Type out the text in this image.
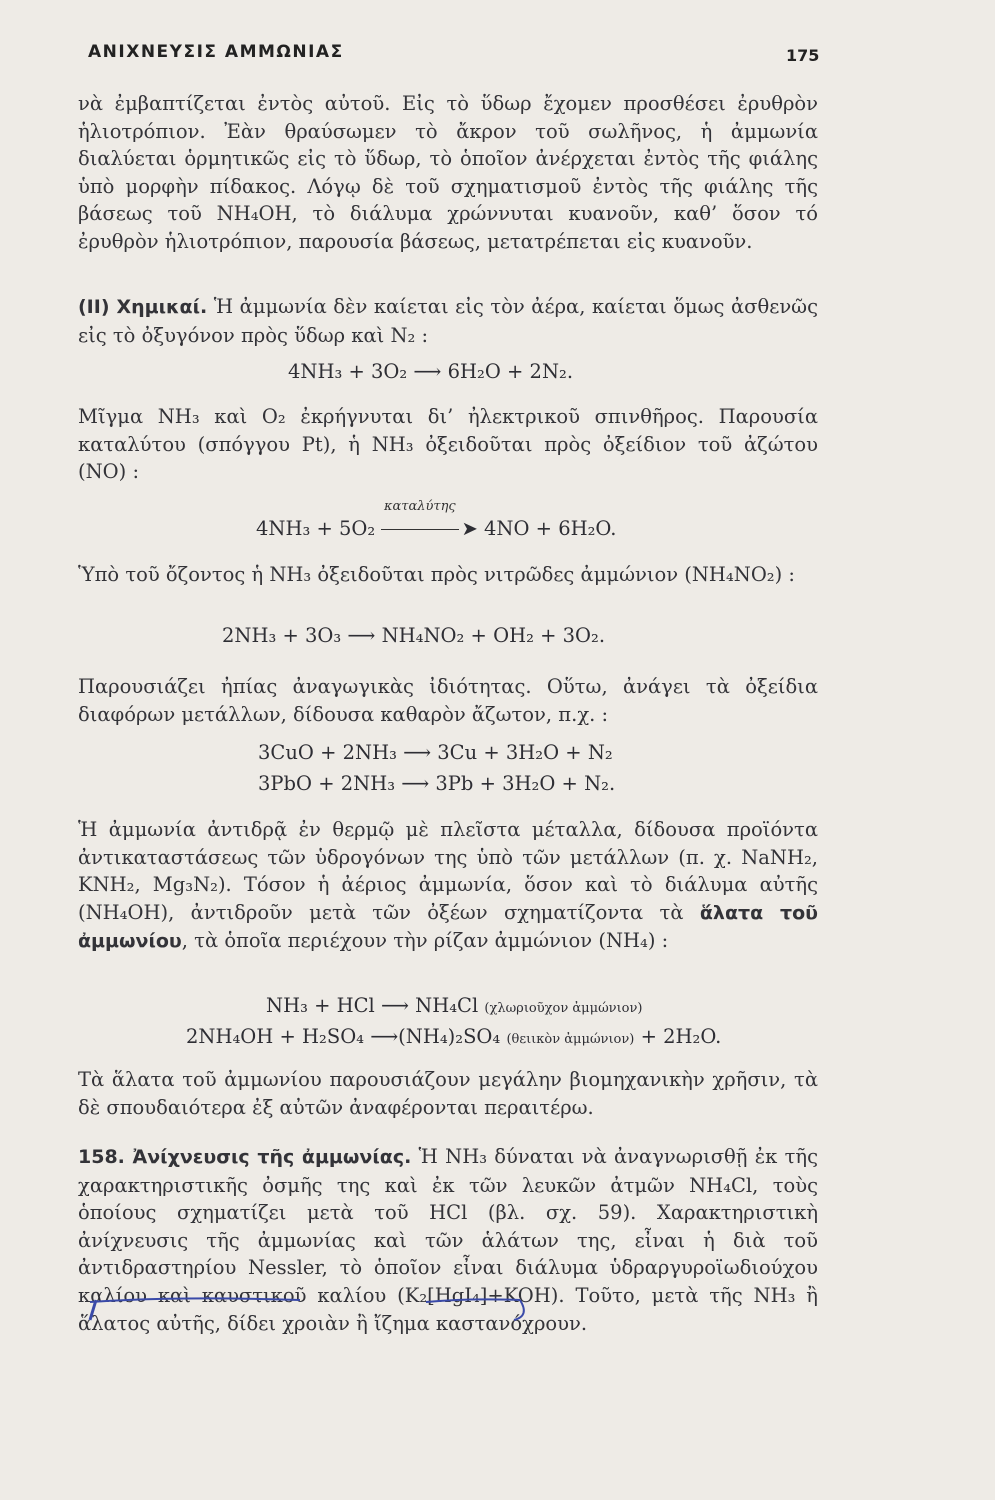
ΑΝΙΧΝΕΥΣΙΣ ΑΜΜΩΝΙΑΣ	175
νὰ ἐμβαπτίζεται ἐντὸς αὐτοῦ. Εἰς τὸ ὕδωρ ἔχομεν προσθέσει ἐρυθρὸν ἡλιοτρόπιον. Ἐὰν θραύσωμεν τὸ ἄκρον τοῦ σωλῆνος, ἡ ἀμμωνία διαλύεται ὁρμητικῶς εἰς τὸ ὕδωρ, τὸ ὁποῖον ἀνέρχεται ἐντὸς τῆς φιάλης ὑπὸ μορφὴν πίδακος. Λόγῳ δὲ τοῦ σχηματισμοῦ ἐντὸς τῆς φιάλης τῆς βάσεως τοῦ NH₄OH, τὸ διάλυμα χρώννυται κυανοῦν, καθ’ ὅσον τό ἐρυθρὸν ἡλιοτρόπιον, παρουσία βάσεως, μετατρέπεται εἰς κυανοῦν.
(II) Χημικαί. Ἡ ἀμμωνία δὲν καίεται εἰς τὸν ἀέρα, καίεται ὅμως ἀσθενῶς εἰς τὸ ὀξυγόνον πρὸς ὕδωρ καὶ N₂ :
4NH₃ + 3O₂ ⟶ 6H₂O + 2N₂.
Μῖγμα NH₃ καὶ O₂ ἐκρήγνυται δι’ ἠλεκτρικοῦ σπινθῆρος. Παρουσία καταλύτου (σπόγγου Pt), ἡ NH₃ ὀξειδοῦται πρὸς ὀξείδιον τοῦ ἀζώτου (NO) :
καταλύτης
4NH₃ + 5O₂	➤ 4NO + 6H₂O.
Ὑπὸ τοῦ ὄζοντος ἡ NH₃ ὀξειδοῦται πρὸς νιτρῶδες ἀμμώνιον (NH₄NO₂) :
2NH₃ + 3O₃ ⟶ NH₄NO₂ + OH₂ + 3O₂.
Παρουσιάζει ἠπίας ἀναγωγικὰς ἰδιότητας. Οὕτω, ἀνάγει τὰ ὀξείδια διαφόρων μετάλλων, δίδουσα καθαρὸν ἄζωτον, π.χ. :
3CuO + 2NH₃ ⟶ 3Cu + 3H₂O + N₂
3PbO + 2NH₃ ⟶ 3Pb + 3H₂O + N₂.
Ἡ ἀμμωνία ἀντιδρᾷ ἐν θερμῷ μὲ πλεῖστα μέταλλα, δίδουσα προϊόντα ἀντικαταστάσεως τῶν ὑδρογόνων της ὑπὸ τῶν μετάλλων (π. χ. NaNH₂, KNH₂, Mg₃N₂). Τόσον ἡ ἀέριος ἀμμωνία, ὅσον καὶ τὸ διάλυμα αὐτῆς (NH₄OH), ἀντιδροῦν μετὰ τῶν ὀξέων σχηματίζοντα τὰ ἅλατα τοῦ ἀμμωνίου, τὰ ὁποῖα περιέχουν τὴν ρίζαν ἀμμώνιον (NH₄) :
NH₃ + HCl ⟶ NH₄Cl (χλωριοῦχον ἀμμώνιον)
2NH₄OH + H₂SO₄ ⟶(NH₄)₂SO₄ (θειικὸν ἀμμώνιον) + 2H₂O.
Τὰ ἅλατα τοῦ ἀμμωνίου παρουσιάζουν μεγάλην βιομηχανικὴν χρῆσιν, τὰ δὲ σπουδαιότερα ἐξ αὐτῶν ἀναφέρονται περαιτέρω.
158. Ἀνίχνευσις τῆς ἀμμωνίας. Ἡ NH₃ δύναται νὰ ἀναγνωρισθῇ ἐκ τῆς χαρακτηριστικῆς ὀσμῆς της καὶ ἐκ τῶν λευκῶν ἀτμῶν NH₄Cl, τοὺς ὁποίους σχηματίζει μετὰ τοῦ HCl (βλ. σχ. 59). Χαρακτηριστικὴ ἀνίχνευσις τῆς ἀμμωνίας καὶ τῶν ἁλάτων της, εἶναι ἡ διὰ τοῦ ἀντιδραστηρίου Nessler, τὸ ὁποῖον εἶναι διάλυμα ὑδραργυροϊωδιούχου καλίου καὶ καυστικοῦ καλίου (K₂[HgI₄]+KOH). Τοῦτο, μετὰ τῆς NH₃ ἢ ἅλατος αὐτῆς, δίδει χροιὰν ἢ ἴζημα καστανόχρουν.
